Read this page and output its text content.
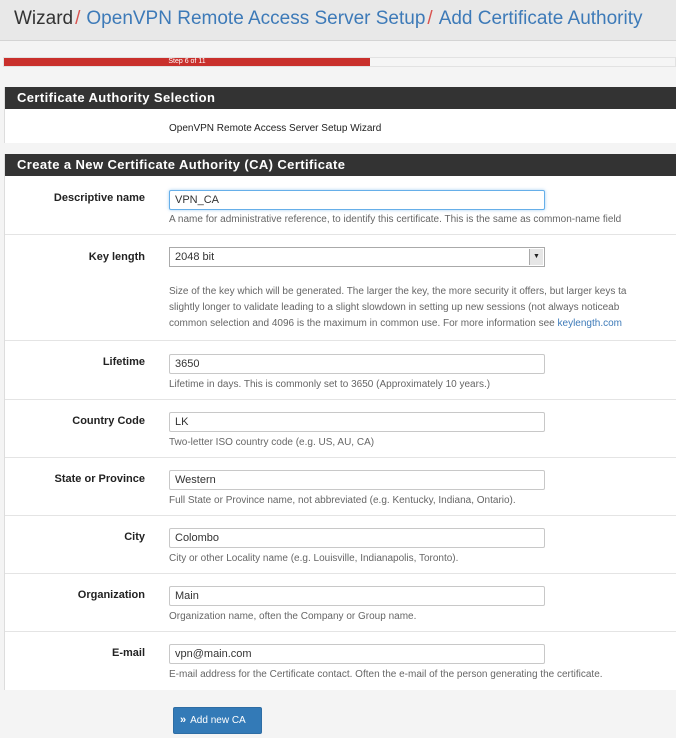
Wizard / OpenVPN Remote Access Server Setup / Add Certificate Authority
Step 6 of 11
Certificate Authority Selection
OpenVPN Remote Access Server Setup Wizard
Create a New Certificate Authority (CA) Certificate
Descriptive name
VPN_CA
A name for administrative reference, to identify this certificate. This is the same as common-name field
Key length	2048 bit	▼
Size of the key which will be generated. The larger the key, the more security it offers, but larger keys ta
slightly longer to validate leading to a slight slowdown in setting up new sessions (not always noticeab
common selection and 4096 is the maximum in common use. For more information see keylength.com
Lifetime
3650
Lifetime in days. This is commonly set to 3650 (Approximately 10 years.)
Country Code
LK
Two-letter ISO country code (e.g. US, AU, CA)
State or Province
Western
Full State or Province name, not abbreviated (e.g. Kentucky, Indiana, Ontario).
City
Colombo
City or other Locality name (e.g. Louisville, Indianapolis, Toronto).
Organization
Main
Organization name, often the Company or Group name.
E-mail
vpn@main.com
E-mail address for the Certificate contact. Often the e-mail of the person generating the certificate.
» Add new CA
